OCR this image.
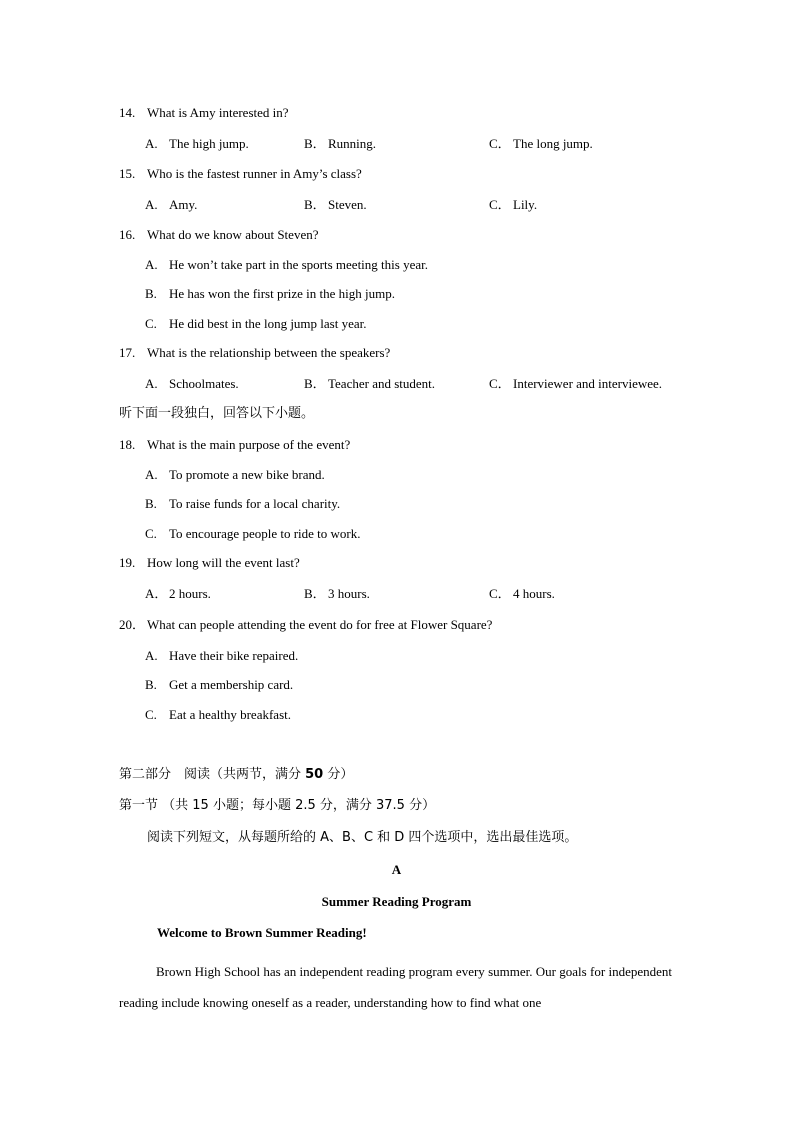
14. What is Amy interested in?
A. The high jump.	B． Running.	C． The long jump.
15. Who is the fastest runner in Amy’s class?
A. Amy.	B． Steven.	C． Lily.
16. What do we know about Steven?
A. He won’t take part in the sports meeting this year.
B. He has won the first prize in the high jump.
C. He did best in the long jump last year.
17. What is the relationship between the speakers?
A. Schoolmates.	B． Teacher and student.	C． Interviewer and interviewee.
听下面一段独白，回答以下小题。
18. What is the main purpose of the event?
A. To promote a new bike brand.
B. To raise funds for a local charity.
C. To encourage people to ride to work.
19. How long will the event last?
A． 2 hours.	B． 3 hours.	C． 4 hours.
20． What can people attending the event do for free at Flower Square?
A. Have their bike repaired.
B. Get a membership card.
C. Eat a healthy breakfast.
第二部分　阅读（共两节，满分 50 分）
第一节 （共 15 小题；每小题 2.5 分，满分 37.5 分）
阅读下列短文，从每题所给的 A、B、C 和 D 四个选项中，选出最佳选项。
A
Summer Reading Program
Welcome to Brown Summer Reading!
Brown High School has an independent reading program every summer. Our goals for independent reading include knowing oneself as a reader, understanding how to find what one
